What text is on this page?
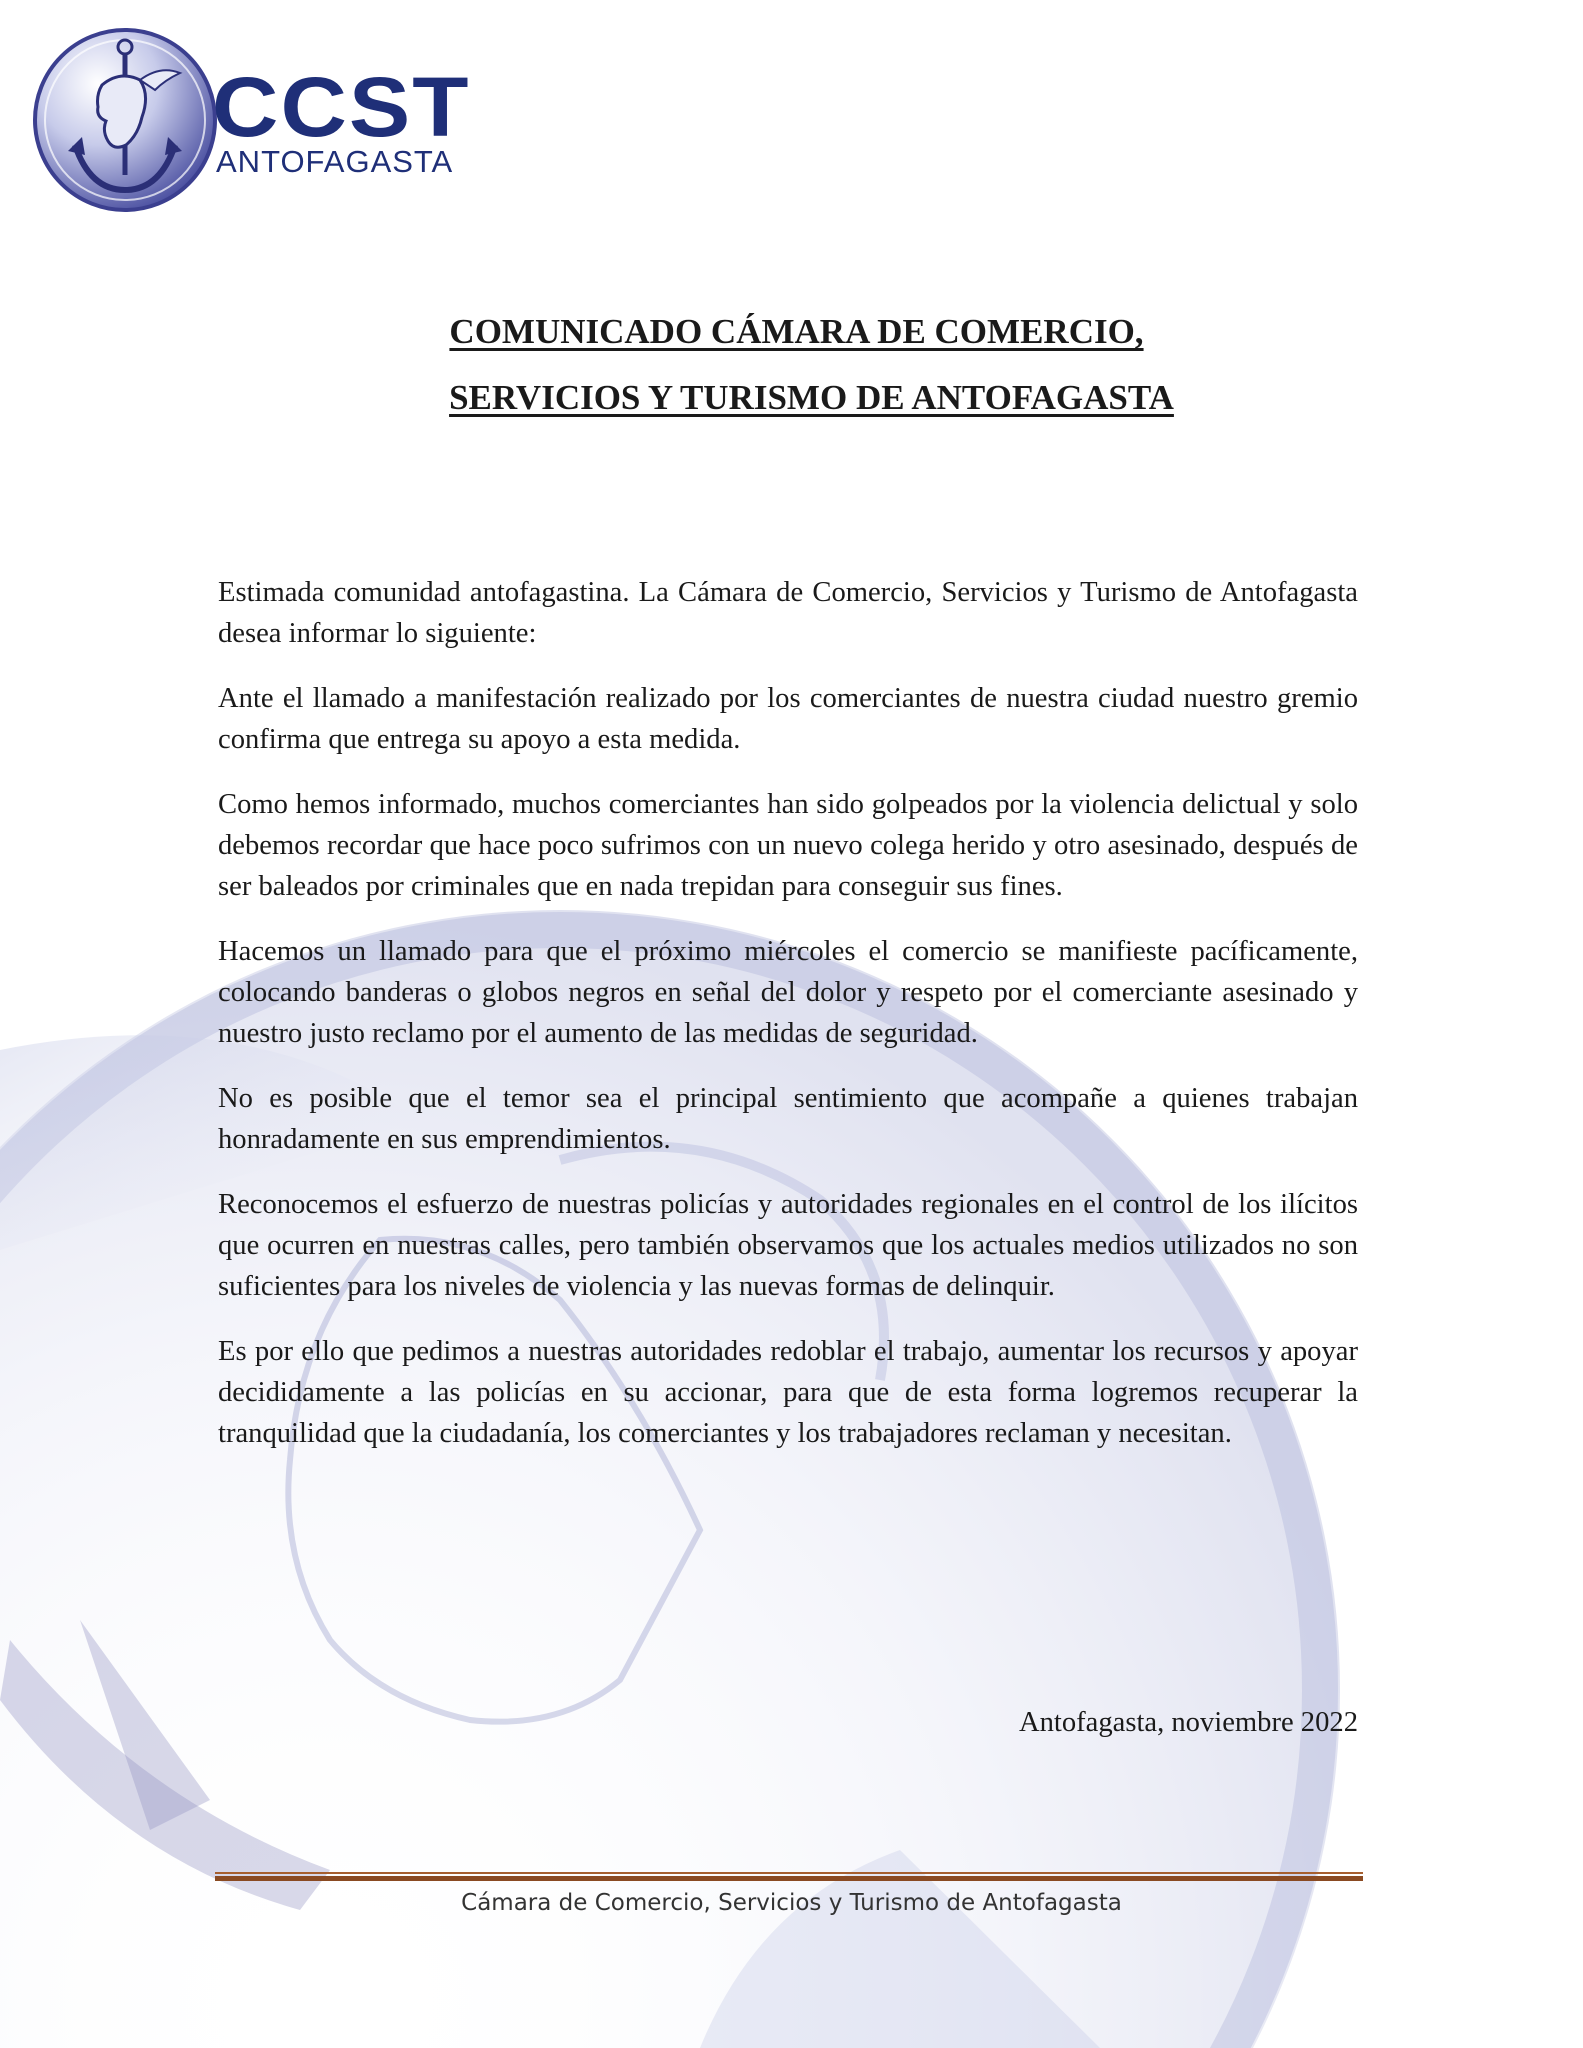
CCST
ANTOFAGASTA
COMUNICADO CÁMARA DE COMERCIO,
SERVICIOS Y TURISMO DE ANTOFAGASTA

Estimada comunidad antofagastina. La Cámara de Comercio, Servicios y Turismo de Antofagasta desea informar lo siguiente:

Ante el llamado a manifestación realizado por los comerciantes de nuestra ciudad nuestro gremio confirma que entrega su apoyo a esta medida.

Como hemos informado, muchos comerciantes han sido golpeados por la violencia delictual y solo debemos recordar que hace poco sufrimos con un nuevo colega herido y otro asesinado, después de ser baleados por criminales que en nada trepidan para conseguir sus fines.

Hacemos un llamado para que el próximo miércoles el comercio se manifieste pacíficamente, colocando banderas o globos negros en señal del dolor y respeto por el comerciante asesinado y nuestro justo reclamo por el aumento de las medidas de seguridad.

No es posible que el temor sea el principal sentimiento que acompañe a quienes trabajan honradamente en sus emprendimientos.

Reconocemos el esfuerzo de nuestras policías y autoridades regionales en el control de los ilícitos que ocurren en nuestras calles, pero también observamos que los actuales medios utilizados no son suficientes para los niveles de violencia y las nuevas formas de delinquir.

Es por ello que pedimos a nuestras autoridades redoblar el trabajo, aumentar los recursos y apoyar decididamente a las policías en su accionar, para que de esta forma logremos recuperar la tranquilidad que la ciudadanía, los comerciantes y los trabajadores reclaman y necesitan.

Antofagasta, noviembre 2022
Cámara de Comercio, Servicios y Turismo de Antofagasta
